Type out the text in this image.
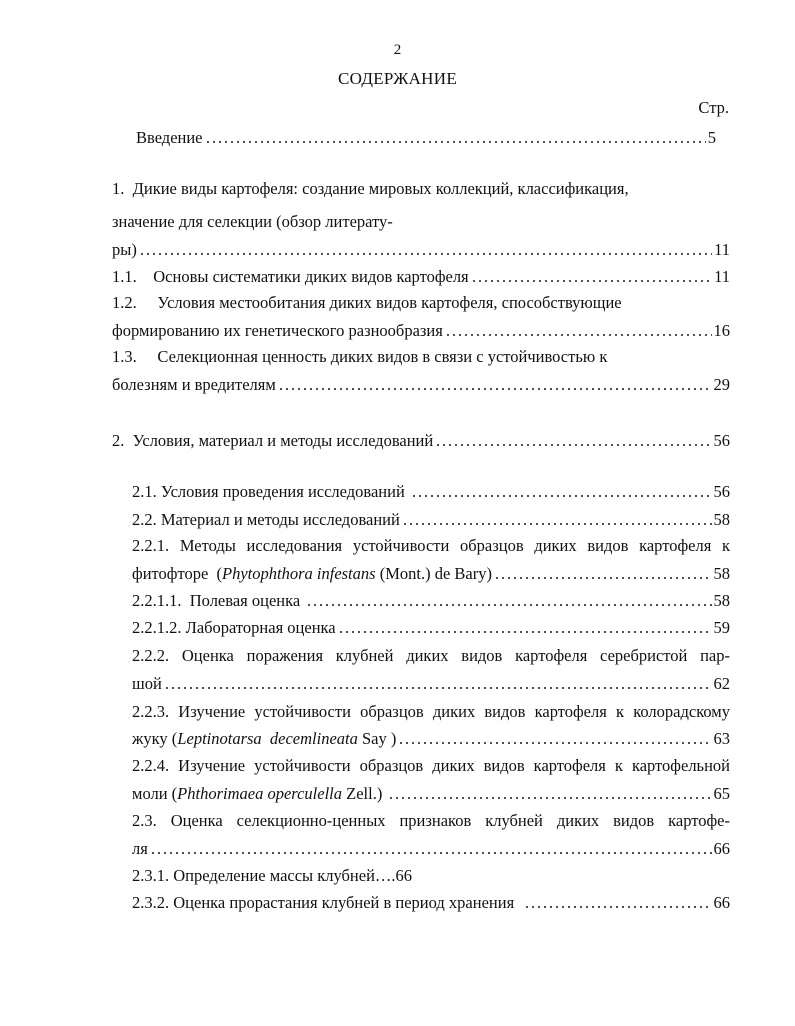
2
СОДЕРЖАНИЕ
Стр.
Введение	5
1.  Дикие виды картофеля: создание мировых коллекций, классификация,
значение для селекции (обзор литерату-
ры)	11
1.1.    Основы систематики диких видов картофеля	11
1.2.     Условия местообитания диких видов картофеля, способствующие
формированию их генетического разнообразия	16
1.3.     Селекционная ценность диких видов в связи с устойчивостью к
болезням и вредителям	29
2.  Условия, материал и методы исследований	56
2.1. Условия проведения исследований	56
2.2. Материал и методы исследований	58
2.2.1. Методы исследования устойчивости образцов диких видов картофеля к
фитофторе  (Phytophthora infestans (Mont.) de Bary)	58
2.2.1.1.  Полевая оценка	58
2.2.1.2. Лабораторная оценка	59
2.2.2. Оценка поражения клубней диких видов картофеля серебристой пар-
шой	62
2.2.3. Изучение устойчивости образцов диких видов картофеля к колорадскому
жуку (Leptinotarsa  decemlineata Say )	63
2.2.4. Изучение устойчивости образцов диких видов картофеля к картофельной
моли (Phthorimaea operculella Zell.)	65
2.3. Оценка селекционно-ценных признаков клубней диких видов картофе-
ля	66
2.3.1. Определение массы клубней….66
2.3.2. Оценка прорастания клубней в период хранения	66
